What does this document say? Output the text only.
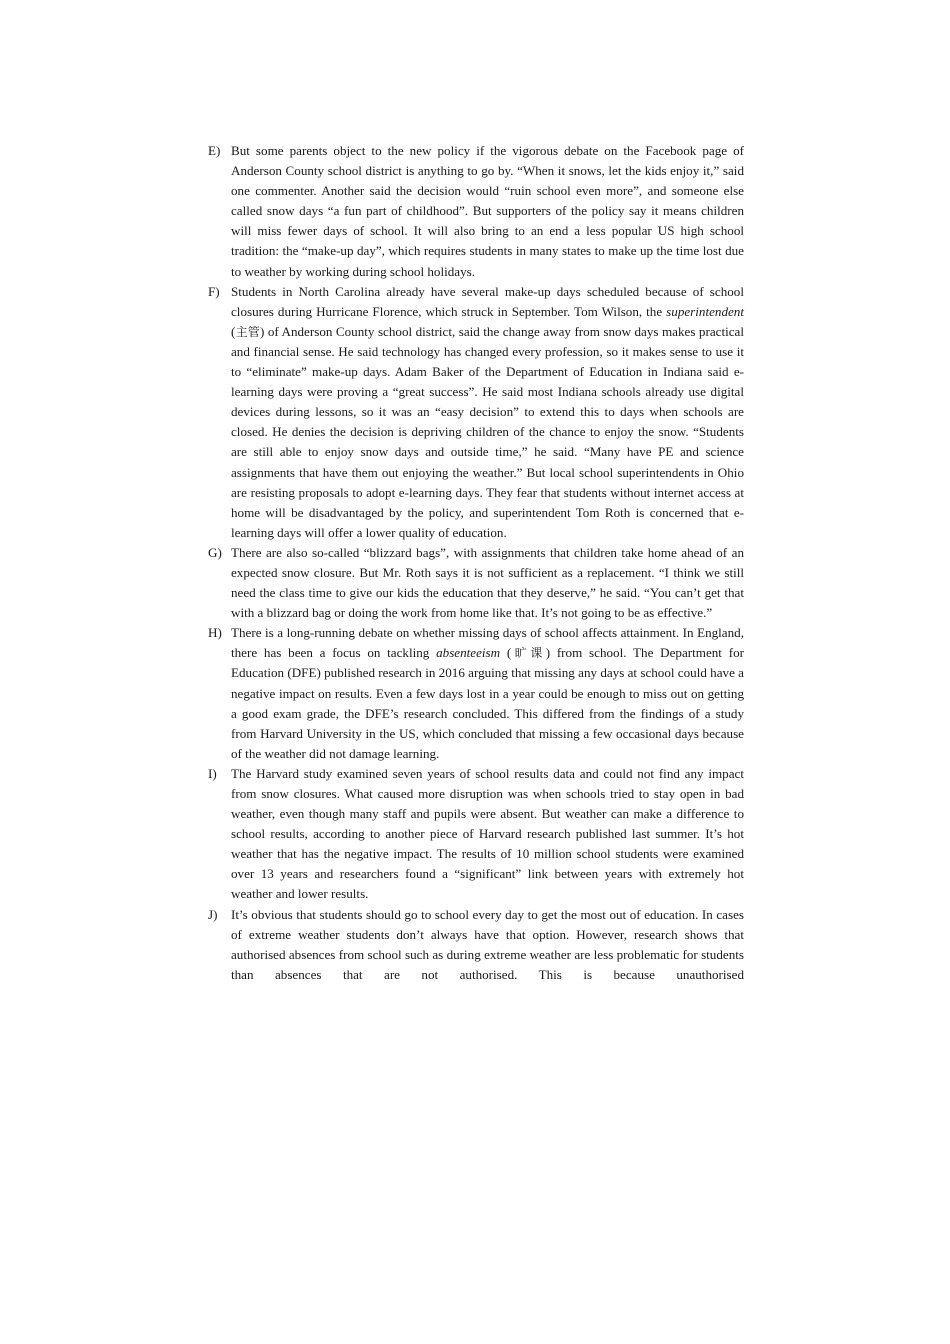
E) But some parents object to the new policy if the vigorous debate on the Facebook page of Anderson County school district is anything to go by. “When it snows, let the kids enjoy it,” said one commenter. Another said the decision would “ruin school even more”, and someone else called snow days “a fun part of childhood”. But supporters of the policy say it means children will miss fewer days of school. It will also bring to an end a less popular US high school tradition: the “make-up day”, which requires students in many states to make up the time lost due to weather by working during school holidays.
F) Students in North Carolina already have several make-up days scheduled because of school closures during Hurricane Florence, which struck in September. Tom Wilson, the superintendent (主管) of Anderson County school district, said the change away from snow days makes practical and financial sense. He said technology has changed every profession, so it makes sense to use it to “eliminate” make-up days. Adam Baker of the Department of Education in Indiana said e-learning days were proving a “great success”. He said most Indiana schools already use digital devices during lessons, so it was an “easy decision” to extend this to days when schools are closed. He denies the decision is depriving children of the chance to enjoy the snow. “Students are still able to enjoy snow days and outside time,” he said. “Many have PE and science assignments that have them out enjoying the weather.” But local school superintendents in Ohio are resisting proposals to adopt e-learning days. They fear that students without internet access at home will be disadvantaged by the policy, and superintendent Tom Roth is concerned that e-learning days will offer a lower quality of education.
G) There are also so-called “blizzard bags”, with assignments that children take home ahead of an expected snow closure. But Mr. Roth says it is not sufficient as a replacement. “I think we still need the class time to give our kids the education that they deserve,” he said. “You can’t get that with a blizzard bag or doing the work from home like that. It’s not going to be as effective.”
H) There is a long-running debate on whether missing days of school affects attainment. In England, there has been a focus on tackling absenteeism (旷课) from school. The Department for Education (DFE) published research in 2016 arguing that missing any days at school could have a negative impact on results. Even a few days lost in a year could be enough to miss out on getting a good exam grade, the DFE’s research concluded. This differed from the findings of a study from Harvard University in the US, which concluded that missing a few occasional days because of the weather did not damage learning.
I)	The Harvard study examined seven years of school results data and could not find any impact from snow closures. What caused more disruption was when schools tried to stay open in bad weather, even though many staff and pupils were absent. But weather can make a difference to school results, according to another piece of Harvard research published last summer. It’s hot weather that has the negative impact. The results of 10 million school students were examined over 13 years and researchers found a “significant” link between years with extremely hot weather and lower results.
J)	It’s obvious that students should go to school every day to get the most out of education. In cases of extreme weather students don’t always have that option. However, research shows that authorised absences from school such as during extreme weather are less problematic for students than absences that are not authorised. This is because unauthorised
